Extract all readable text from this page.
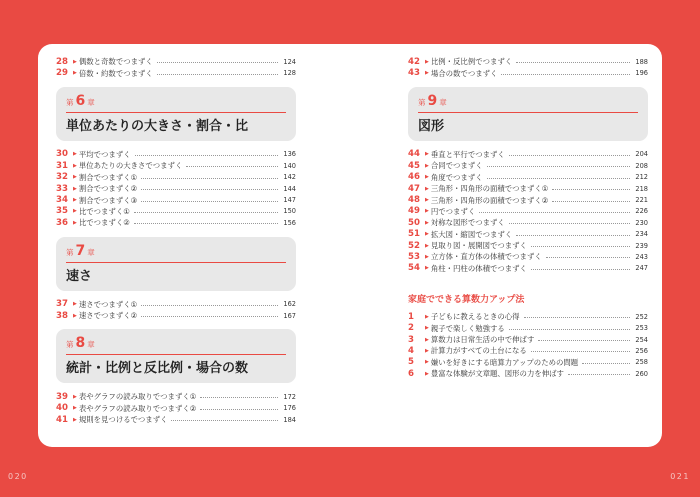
28	▶ 偶数と奇数でつまずく	124
29	▶ 倍数・約数でつまずく	128
第 6 章
単位あたりの大きさ・割合・比
30	▶ 平均でつまずく	136
31	▶ 単位あたりの大きさでつまずく	140
32	▶ 割合でつまずく①	142
33	▶ 割合でつまずく②	144
34	▶ 割合でつまずく③	147
35	▶ 比でつまずく①	150
36	▶ 比でつまずく②	156
第 7 章
速さ
37	▶ 速さでつまずく①	162
38	▶ 速さでつまずく②	167
第 8 章
統計・比例と反比例・場合の数
39	▶ 表やグラフの読み取りでつまずく①	172
40	▶ 表やグラフの読み取りでつまずく②	176
41	▶ 規則を見つけるでつまずく	184
42	▶ 比例・反比例でつまずく	188
43	▶ 場合の数でつまずく	196
第 9 章
図形
44	▶ 垂直と平行でつまずく	204
45	▶ 合同でつまずく	208
46	▶ 角度でつまずく	212
47	▶ 三角形・四角形の面積でつまずく①	218
48	▶ 三角形・四角形の面積でつまずく②	221
49	▶ 円でつまずく	226
50	▶ 対称な図形でつまずく	230
51	▶ 拡大図・縮図でつまずく	234
52	▶ 見取り図・展開図でつまずく	239
53	▶ 立方体・直方体の体積でつまずく	243
54	▶ 角柱・円柱の体積でつまずく	247
家庭でできる算数力アップ法
1	▶ 子どもに教えるときの心得	252
2	▶ 親子で楽しく勉強する	253
3	▶ 算数力は日常生活の中で伸ばす	254
4	▶ 計算力がすべての土台になる	256
5	▶ 嫌いを好きにする暗算力アップのための問題	258
6	▶ 豊富な体験が文章題、図形の力を伸ばす	260
020	021
